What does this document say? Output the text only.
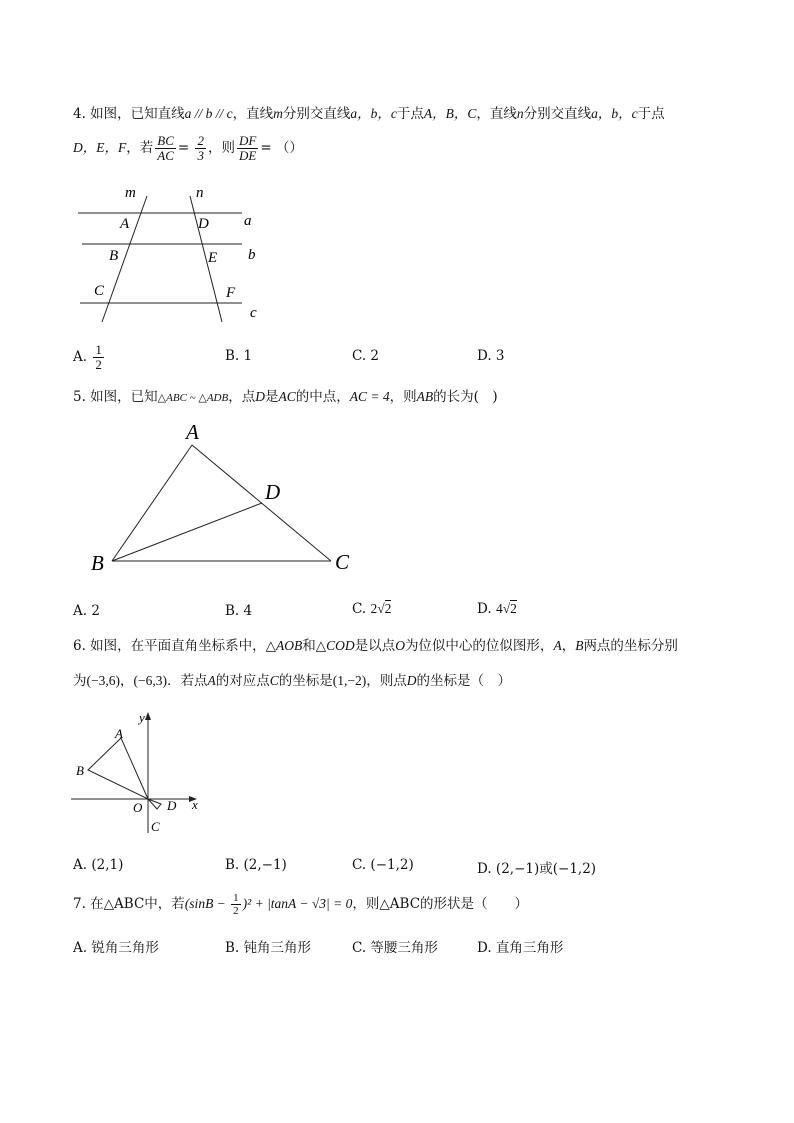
4. 如图，已知直线a // b // c，直线m分别交直线a，b，c于点A，B，C，直线n分别交直线a，b，c于点
D，E，F，若 $\frac{BC}{AC} = \frac{2}{3}$ ，则 $\frac{DF}{DE}$ = （）
m	n
a
b
c
A
B
C
D
E
F
A. $\frac{1}{2}$	B. 1	C. 2	D. 3
5. 如图，已知△ABC ~ △ADB，点D是AC的中点，AC = 4，则AB的长为(　)
A
B	C
D
A. 2	B. 4	C. 2√2	D. 4√2
6. 如图，在平面直角坐标系中，△AOB和△COD是以点O为位似中心的位似图形，A，B两点的坐标分别
为(−3,6)，(−6,3)．若点A的对应点C的坐标是(1,−2)，则点D的坐标是（　）
y
x
A
B
O
C
D
A. (2,1)	B. (2,−1)	C. (−1,2)	D. (2,−1)或(−1,2)
7. 在△ABC中，若$(\sin B - \frac{1}{2} )^2 + |\tan A - √3| = 0$，则△ABC的形状是（　　）
A. 锐角三角形	B. 钝角三角形	C. 等腰三角形	D. 直角三角形
